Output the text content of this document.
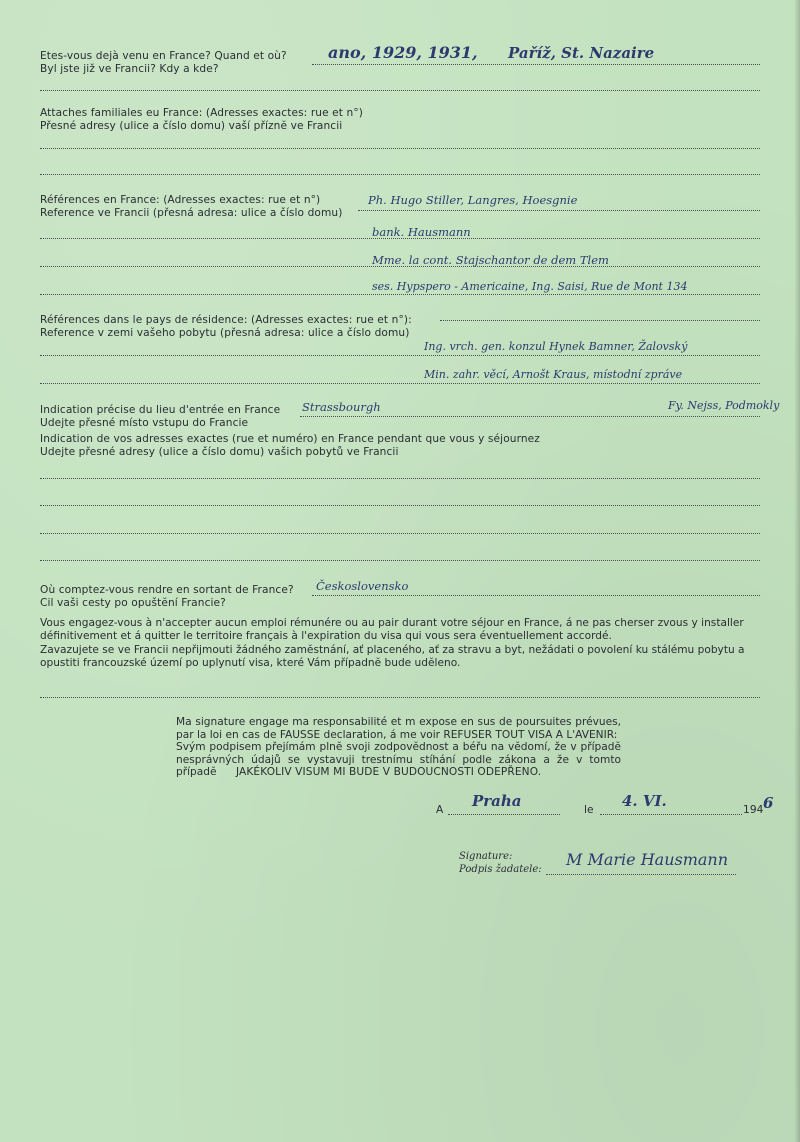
Etes-vous dejà venu en France? Quand et où?
Byl jste již ve Francii? Kdy a kde?
ano, 1929, 1931, Paříž, St. Nazaire
Attaches familiales eu France: (Adresses exactes: rue et n°)
Přesné adresy (ulice a číslo domu) vaší příznĕ ve Francii
Références en France: (Adresses exactes: rue et n°)
Reference ve Francii (přesná adresa: ulice a číslo domu)
Ph. Hugo Stiller, Langres, Hoesgnie
bank. Hausmann
Mme. la cont. Stajschantor de dem Tlem
ses. Hypspero - Americaine, Ing. Saisi, Rue de Mont 134
Références dans le pays de résidence: (Adresses exactes: rue et n°):
Reference v zemi vašeho pobytu (přesná adresa: ulice a číslo domu)
Ing. vrch. gen. konzul Hynek Bamner, Žalovský
Min. zahr. věcí, Arnošt Kraus, místodní zpráve
Indication précise du lieu d'entrée en France
Udejte přesné místo vstupu do Francie
Strassbourgh	Fy. Nejss, Podmokly
Indication de vos adresses exactes (rue et numéro) en France pendant que vous y séjournez
Udejte přesné adresy (ulice a číslo domu) vašich pobytů ve Francii
Où comptez-vous rendre en sortant de France?
Cil vaši cesty po opuštĕní Francie?
Československo
Vous engagez-vous à n'accepter aucun emploi rémunére ou au pair durant votre séjour en France, á ne pas cherser zvous y installer définitivement et á quitter le territoire français à l'expiration du visa qui vous sera éventuellement accordé.
Zavazujete se ve Francii nepřijmouti žádného zamĕstnání, ať placeného, ať za stravu a byt, nežádati o povolení ku stálému pobytu a opustiti francouzské území po uplynutí visa, které Vám případnĕ bude udĕleno.
Ma signature engage ma responsabilité et m expose en sus de poursuites prévues, par la loi en cas de FAUSSE declaration, á me voir REFUSER TOUT VISA A L'AVENIR:
Svým podpisem přejímám plnĕ svoji zodpovĕdnost a béřu na vĕdomí, že v případĕ nesprávných údajů se vystavuji trestnímu stíhání podle zákona a že v tomto případĕ	JAKÉKOLIV VISUM MI BUDE V BUDOUCNOSTI ODEPŘENO.
A Praha	le 4. VI.	194 6
Signature:
Podpis žadatele:
M Marie Hausmann
